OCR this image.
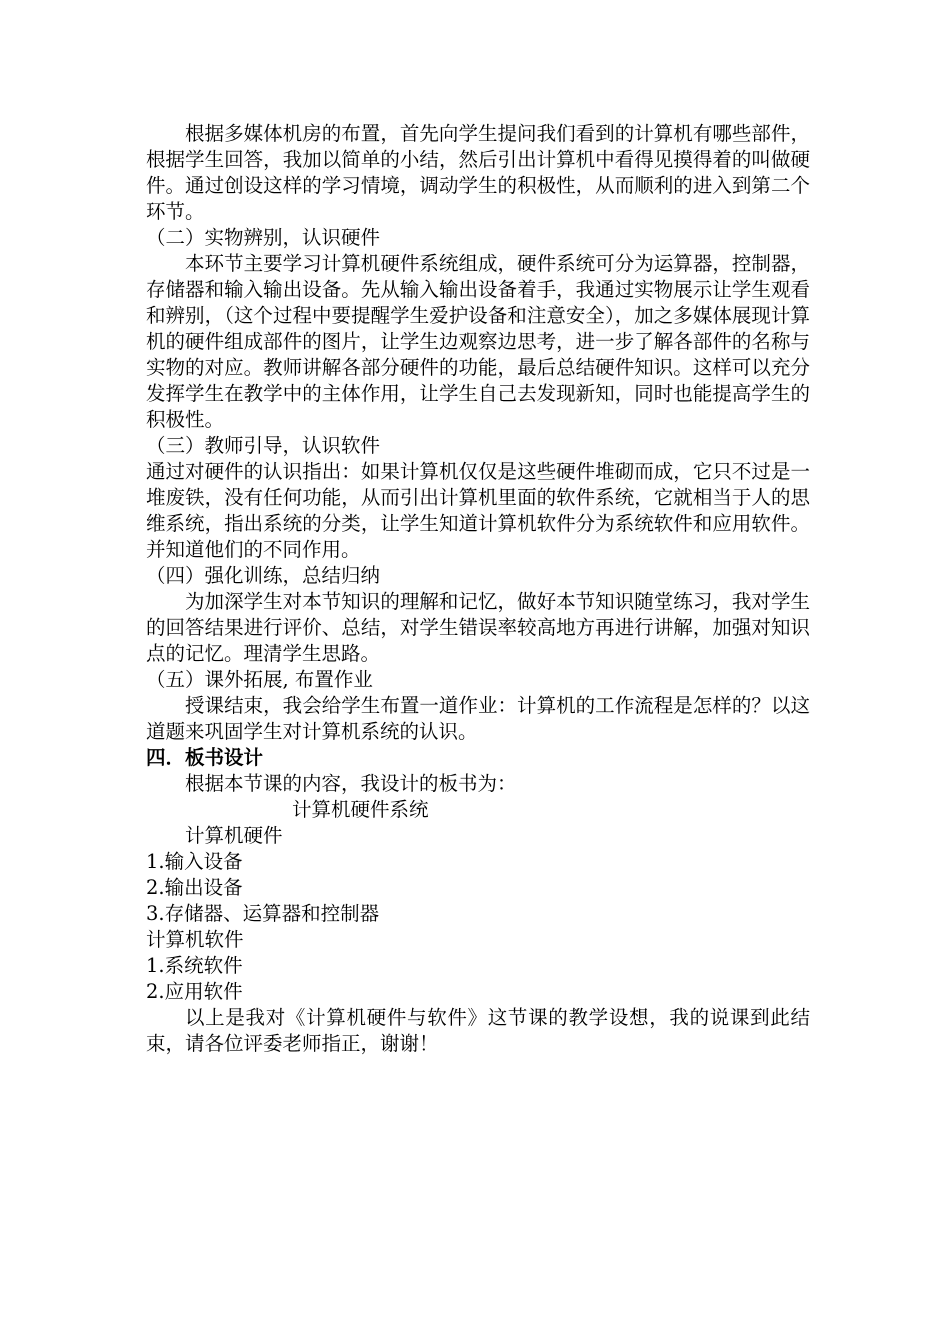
根据多媒体机房的布置，首先向学生提问我们看到的计算机有哪些部件，根据学生回答，我加以简单的小结，然后引出计算机中看得见摸得着的叫做硬件。通过创设这样的学习情境，调动学生的积极性，从而顺利的进入到第二个环节。

（二）实物辨别，认识硬件

本环节主要学习计算机硬件系统组成，硬件系统可分为运算器，控制器，存储器和输入输出设备。先从输入输出设备着手，我通过实物展示让学生观看和辨别，（这个过程中要提醒学生爱护设备和注意安全），加之多媒体展现计算机的硬件组成部件的图片，让学生边观察边思考，进一步了解各部件的名称与实物的对应。教师讲解各部分硬件的功能，最后总结硬件知识。这样可以充分发挥学生在教学中的主体作用，让学生自己去发现新知，同时也能提高学生的积极性。

（三）教师引导，认识软件

通过对硬件的认识指出：如果计算机仅仅是这些硬件堆砌而成，它只不过是一堆废铁，没有任何功能，从而引出计算机里面的软件系统，它就相当于人的思维系统，指出系统的分类，让学生知道计算机软件分为系统软件和应用软件。并知道他们的不同作用。

（四）强化训练，总结归纳

为加深学生对本节知识的理解和记忆，做好本节知识随堂练习，我对学生的回答结果进行评价、总结，对学生错误率较高地方再进行讲解，加强对知识点的记忆。理清学生思路。

（五）课外拓展, 布置作业

授课结束，我会给学生布置一道作业：计算机的工作流程是怎样的？以这道题来巩固学生对计算机系统的认识。

四．板书设计

根据本节课的内容，我设计的板书为：

计算机硬件系统

计算机硬件

1.输入设备

2.输出设备

3.存储器、运算器和控制器

计算机软件

1.系统软件

2.应用软件

以上是我对《计算机硬件与软件》这节课的教学设想，我的说课到此结束，请各位评委老师指正，谢谢！
